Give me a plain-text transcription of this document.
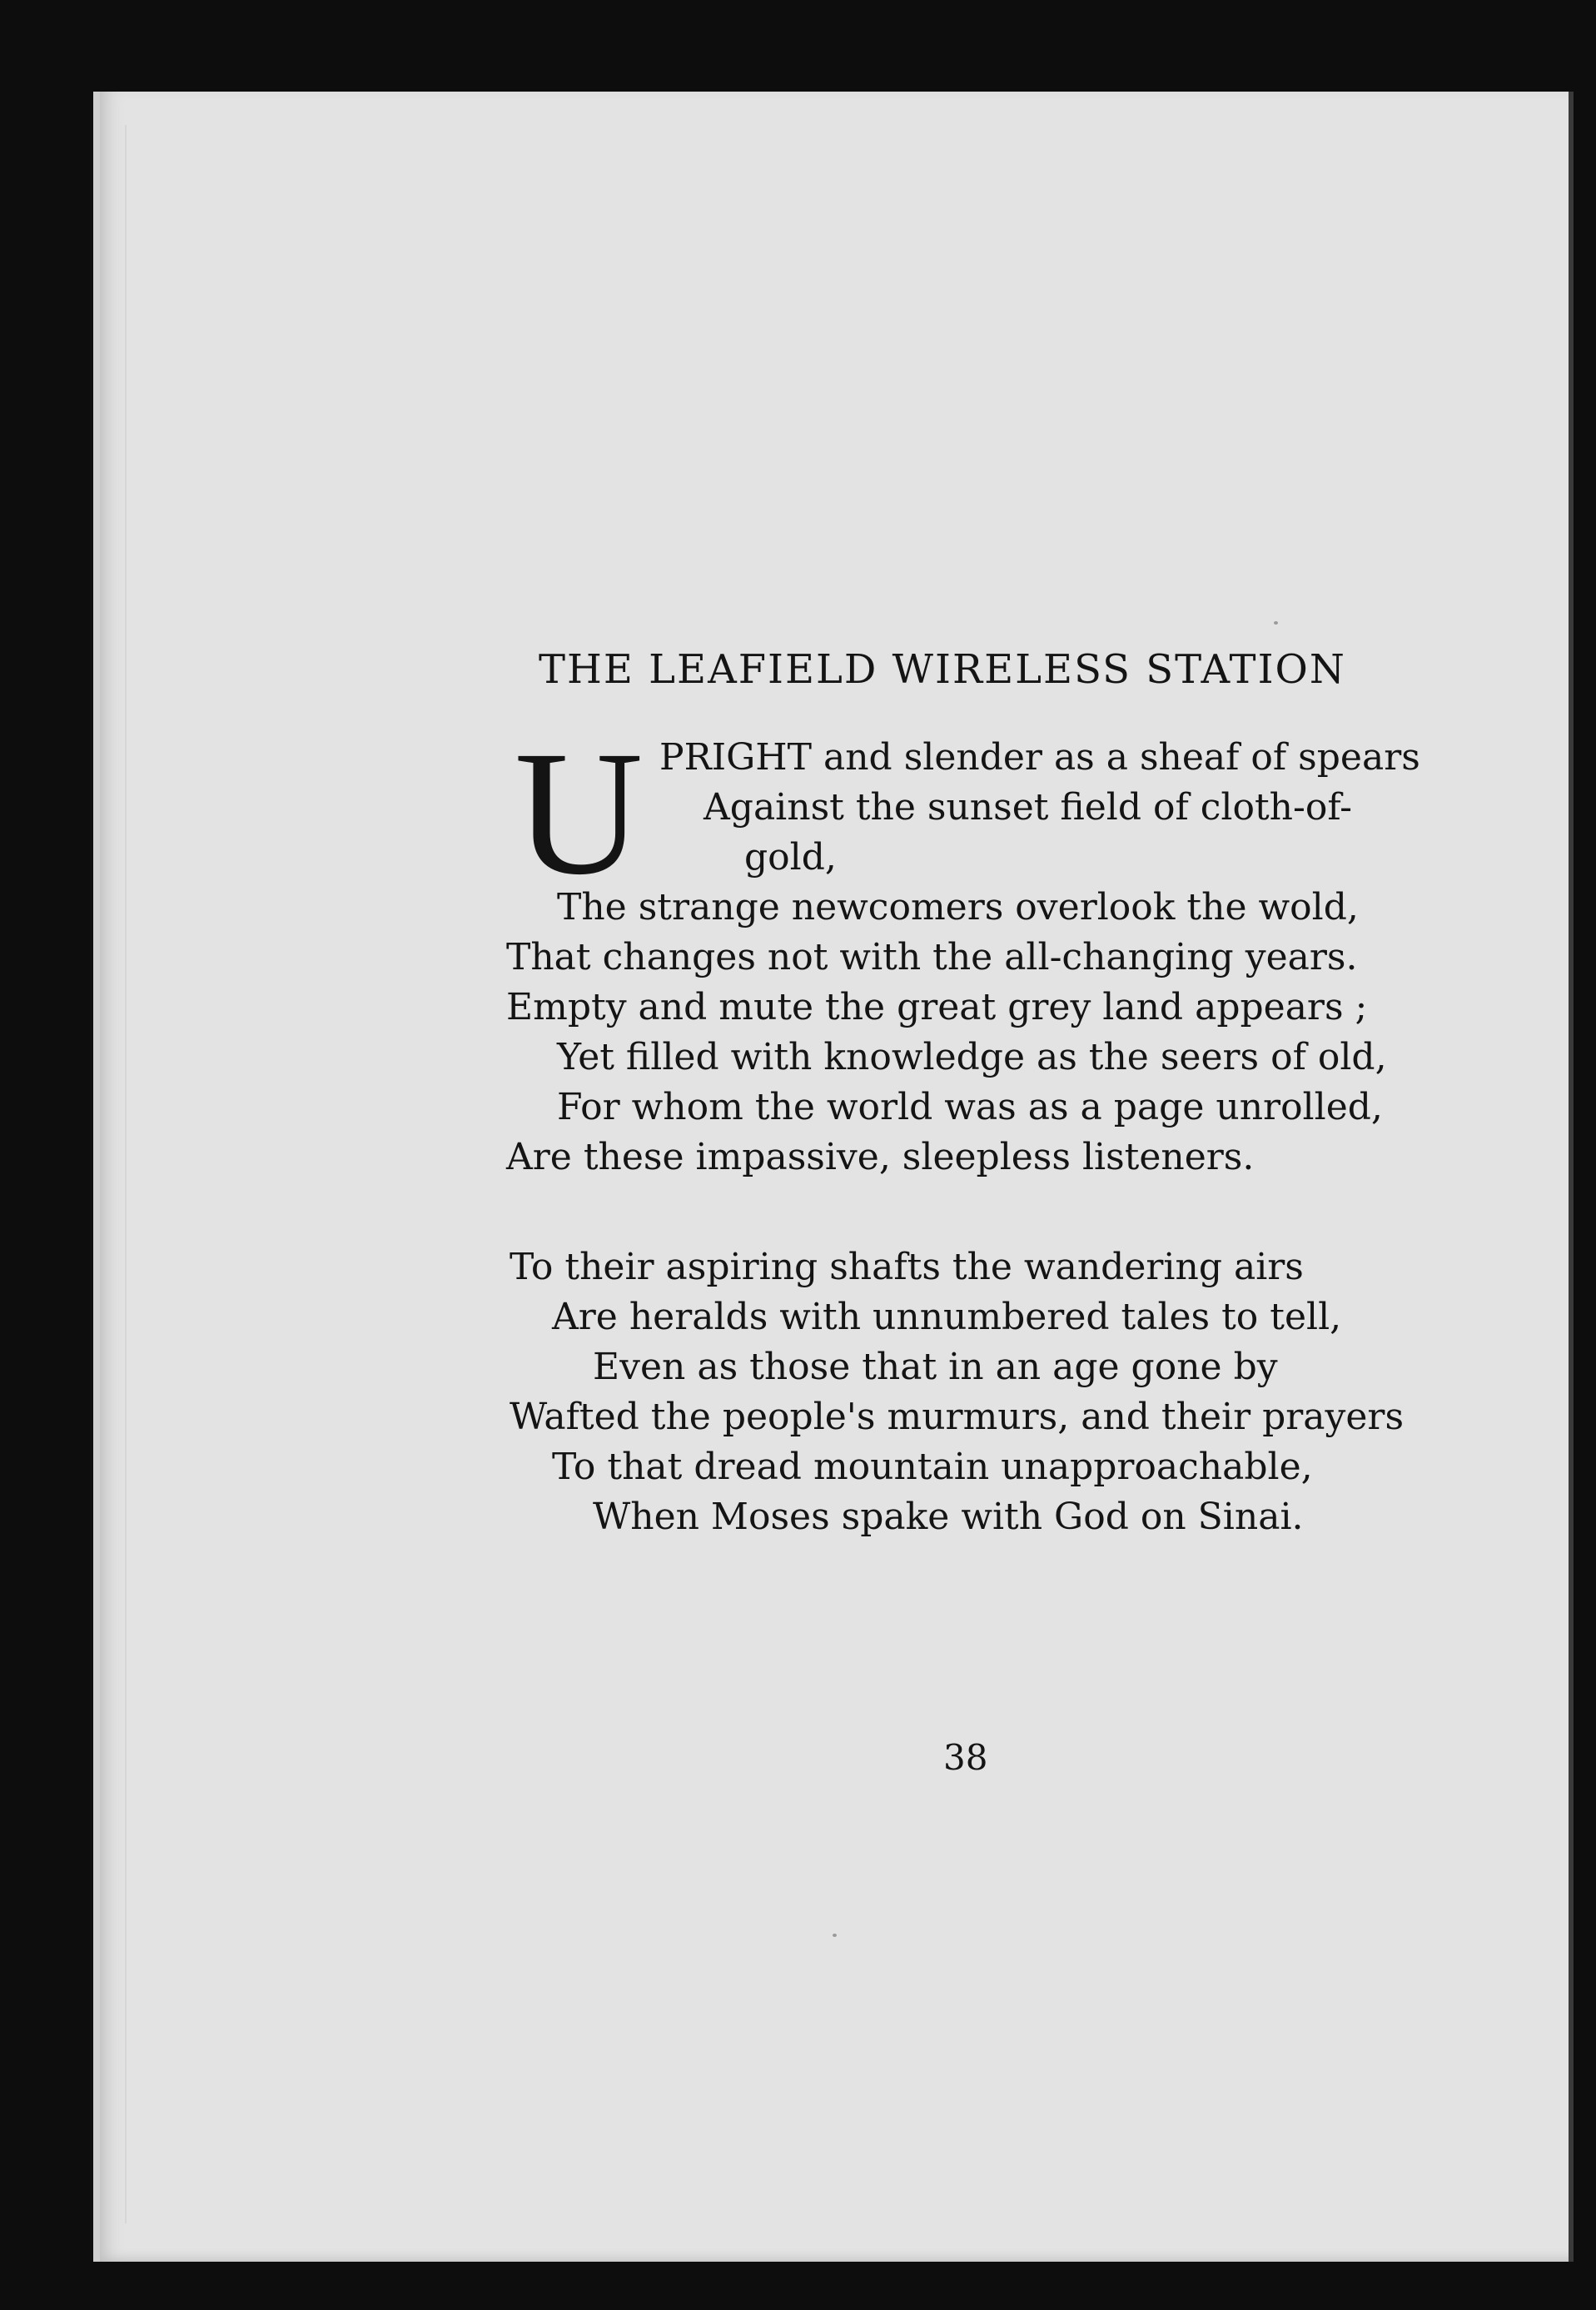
THE LEAFIELD WIRELESS STATION
U PRIGHT and slender as a sheaf of spears
Against the sunset field of cloth-of-
gold,
The strange newcomers overlook the wold,
That changes not with the all-changing years.
Empty and mute the great grey land appears ;
Yet filled with knowledge as the seers of old,
For whom the world was as a page unrolled,
Are these impassive, sleepless listeners.
To their aspiring shafts the wandering airs
Are heralds with unnumbered tales to tell,
Even as those that in an age gone by
Wafted the people's murmurs, and their prayers
To that dread mountain unapproachable,
When Moses spake with God on Sinai.
38
